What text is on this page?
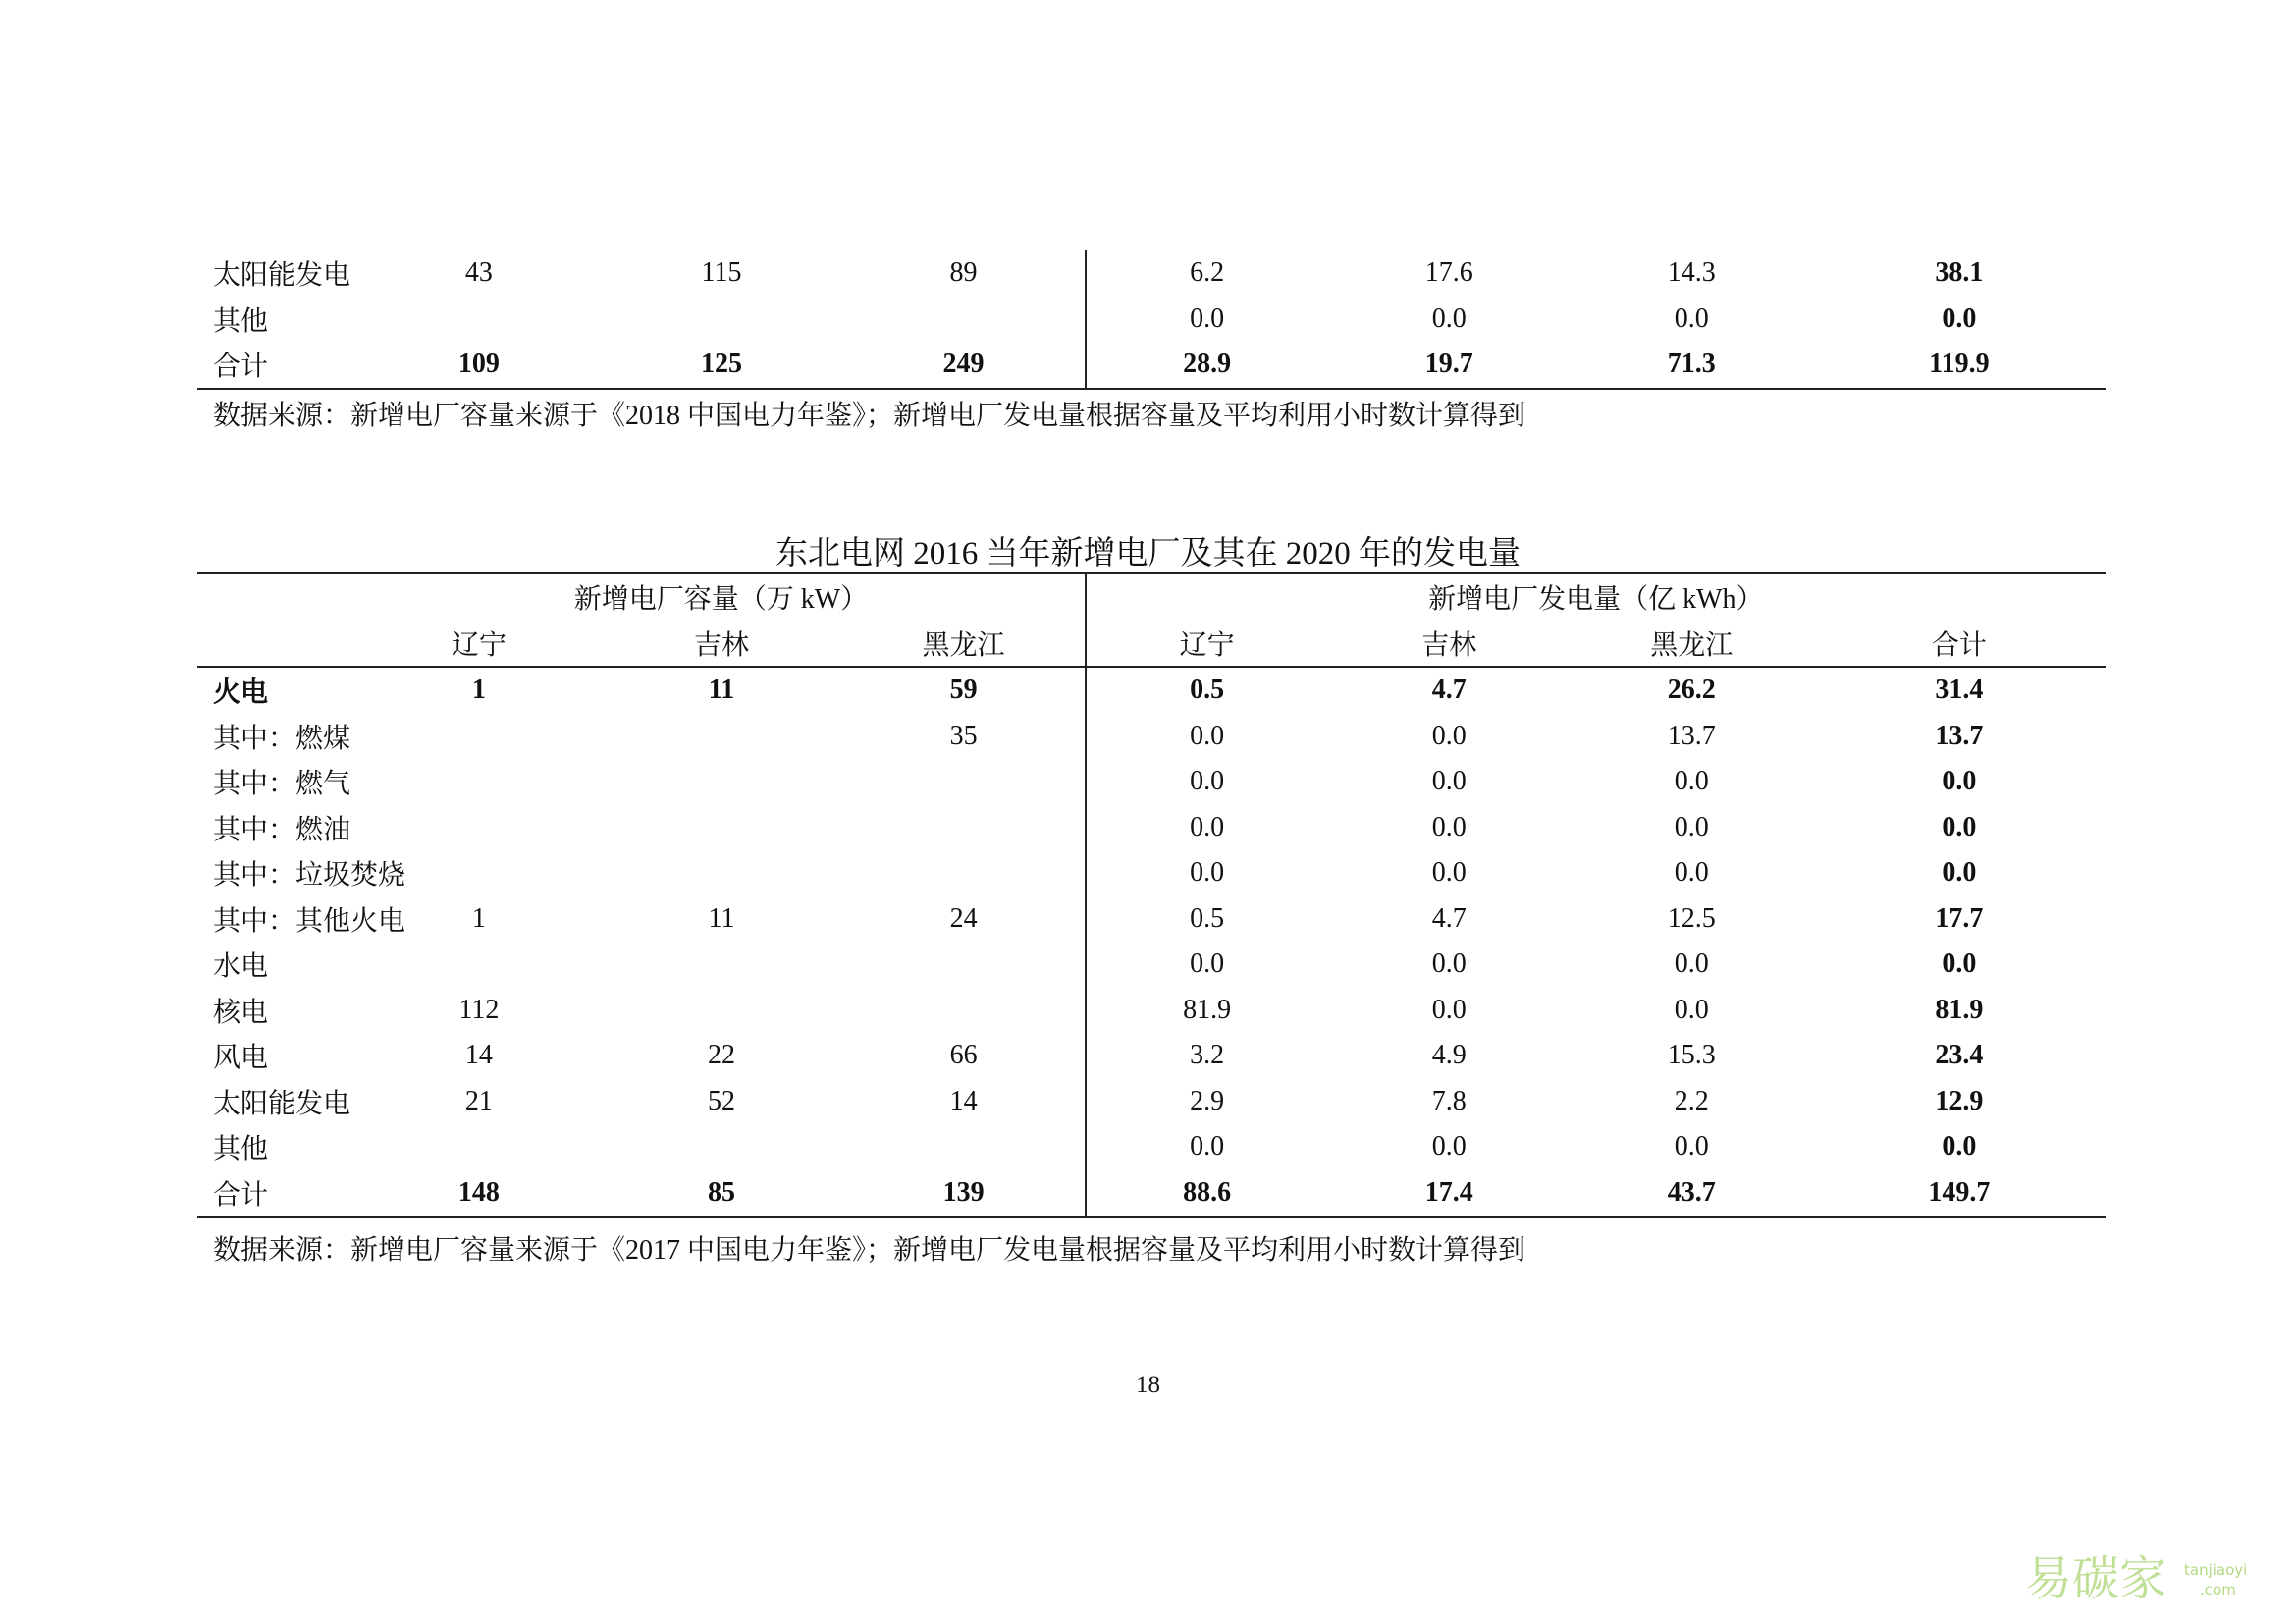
太阳能发电	43	115	89	6.2	17.6	14.3	38.1
其他				0.0	0.0	0.0	0.0
合计	109	125	249	28.9	19.7	71.3	119.9
数据来源：新增电厂容量来源于《2018 中国电力年鉴》；新增电厂发电量根据容量及平均利用小时数计算得到
东北电网 2016 当年新增电厂及其在 2020 年的发电量
	新增电厂容量（万 kW）			新增电厂发电量（亿 kWh）			
	辽宁	吉林	黑龙江	辽宁	吉林	黑龙江	合计
火电	1	11	59	0.5	4.7	26.2	31.4
其中：燃煤			35	0.0	0.0	13.7	13.7
其中：燃气				0.0	0.0	0.0	0.0
其中：燃油				0.0	0.0	0.0	0.0
其中：垃圾焚烧				0.0	0.0	0.0	0.0
其中：其他火电	1	11	24	0.5	4.7	12.5	17.7
水电				0.0	0.0	0.0	0.0
核电	112			81.9	0.0	0.0	81.9
风电	14	22	66	3.2	4.9	15.3	23.4
太阳能发电	21	52	14	2.9	7.8	2.2	12.9
其他				0.0	0.0	0.0	0.0
合计	148	85	139	88.6	17.4	43.7	149.7
数据来源：新增电厂容量来源于《2017 中国电力年鉴》；新增电厂发电量根据容量及平均利用小时数计算得到
18
易碳家 tanjiaoyi
.com
